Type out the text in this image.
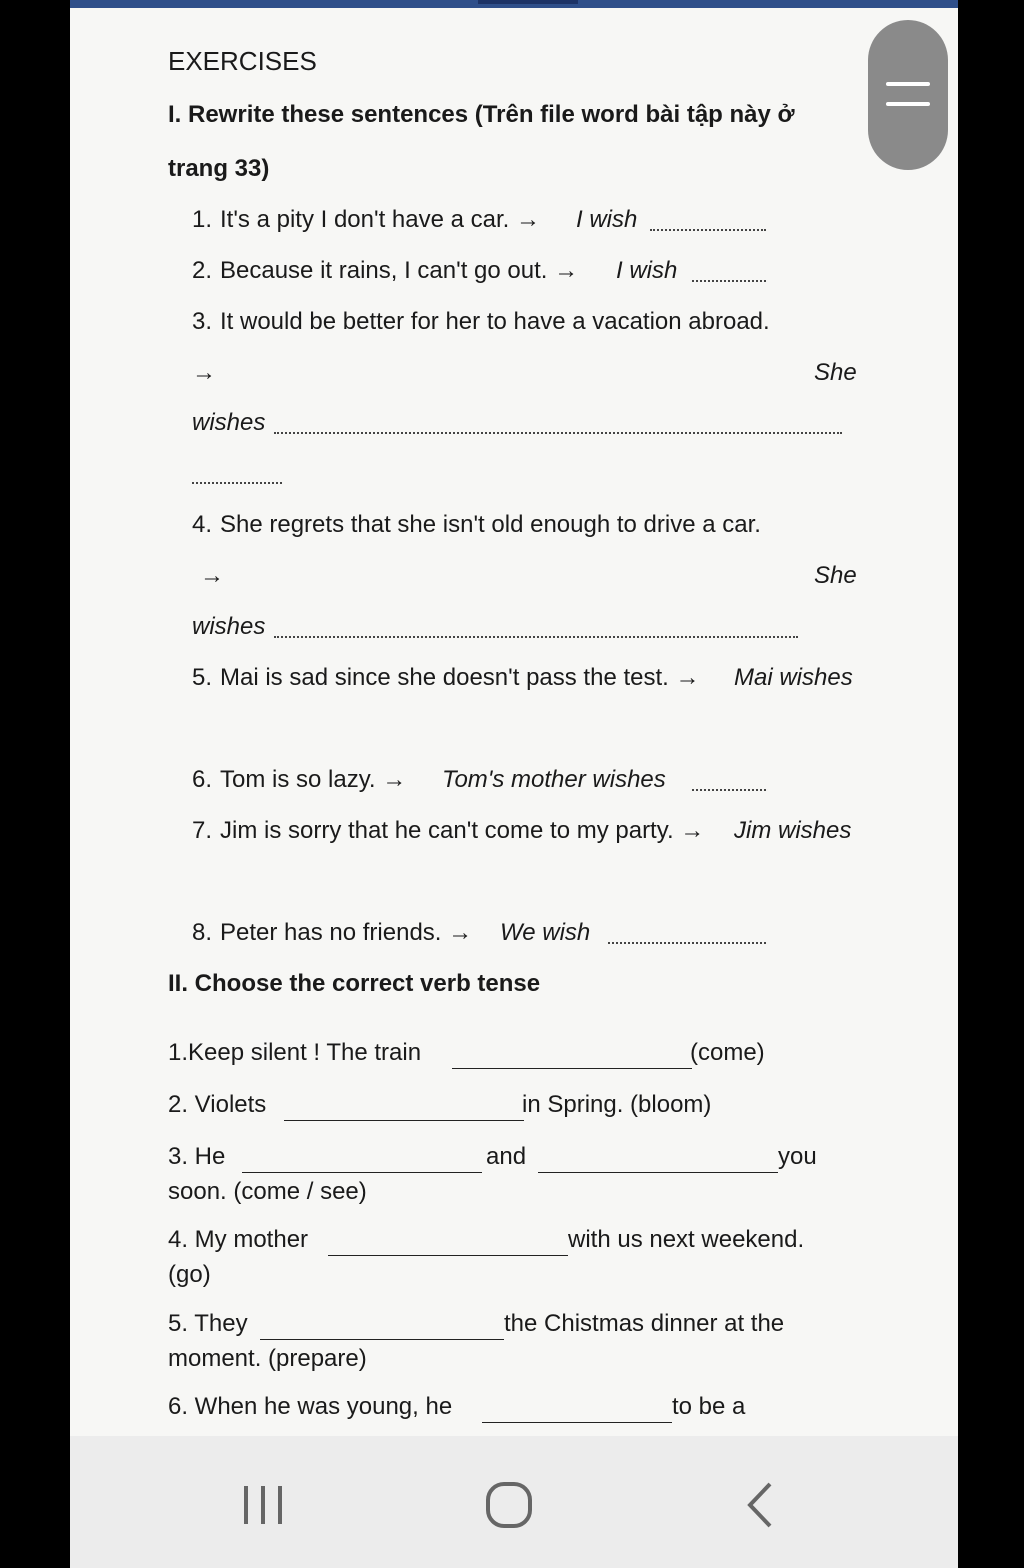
EXERCISES
I. Rewrite these sentences (Trên file word bài tập này ở
trang 33)
1. It's a pity I don't have a car. → I wish
2. Because it rains, I can't go out. → I wish
3. It would be better for her to have a vacation abroad.
→	She
wishes
4. She regrets that she isn't old enough to drive a car.
→	She
wishes
5. Mai is sad since she doesn't pass the test. → Mai wishes
6. Tom is so lazy. → Tom's mother wishes
7. Jim is sorry that he can't come to my party. → Jim wishes
8. Peter has no friends. → We wish
II. Choose the correct verb tense
1.Keep silent ! The train	(come)
2. Violets	in Spring. (bloom)
3. He	and	you
soon. (come / see)
4. My mother	with us next weekend.
(go)
5. They	the Chistmas dinner at the
moment. (prepare)
6. When he was young, he	to be a
